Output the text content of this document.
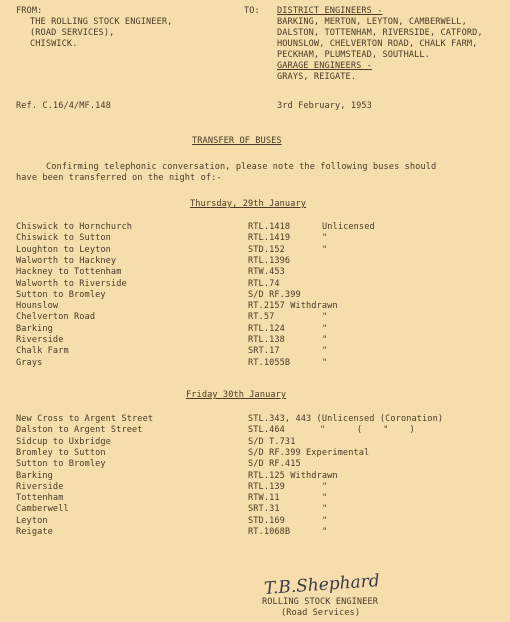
FROM:
THE ROLLING STOCK ENGINEER,
(ROAD SERVICES),
CHISWICK.
TO: DISTRICT ENGINEERS -
BARKING, MERTON, LEYTON, CAMBERWELL,
DALSTON, TOTTENHAM, RIVERSIDE, CATFORD,
HOUNSLOW, CHELVERTON ROAD, CHALK FARM,
PECKHAM, PLUMSTEAD, SOUTHALL.
GARAGE ENGINEERS -
GRAYS, REIGATE.
Ref. C.16/4/MF.148	3rd February, 1953
TRANSFER OF BUSES
Confirming telephonic conversation, please note the following buses should
have been transferred on the night of:-
Thursday, 29th January
Chiswick to Hornchurch	RTL.1418	Unlicensed
Chiswick to Sutton	RTL.1419	"
Loughton to Leyton	STD.152	"
Walworth to Hackney	RTL.1396
Hackney to Tottenham	RTW.453
Walworth to Riverside	RTL.74
Sutton to Bromley	S/D RF.399
Hounslow	RT.2157 Withdrawn
Chelverton Road	RT.57	"
Barking	RTL.124	"
Riverside	RTL.138	"
Chalk Farm	SRT.17	"
Grays	RT.1055B	"
Friday 30th January
New Cross to Argent Street	STL.343, 443 (Unlicensed (Coronation)
Dalston to Argent Street	STL.464	"      (    "    )
Sidcup to Uxbridge	S/D T.731
Bromley to Sutton	S/D RF.399 Experimental
Sutton to Bromley	S/D RF.415
Barking	RTL.125 Withdrawn
Riverside	RTL.139	"
Tottenham	RTW.11	"
Camberwell	SRT.31	"
Leyton	STD.169	"
Reigate	RT.1068B	"
T.B.Shephard
ROLLING STOCK ENGINEER
(Road Services)
